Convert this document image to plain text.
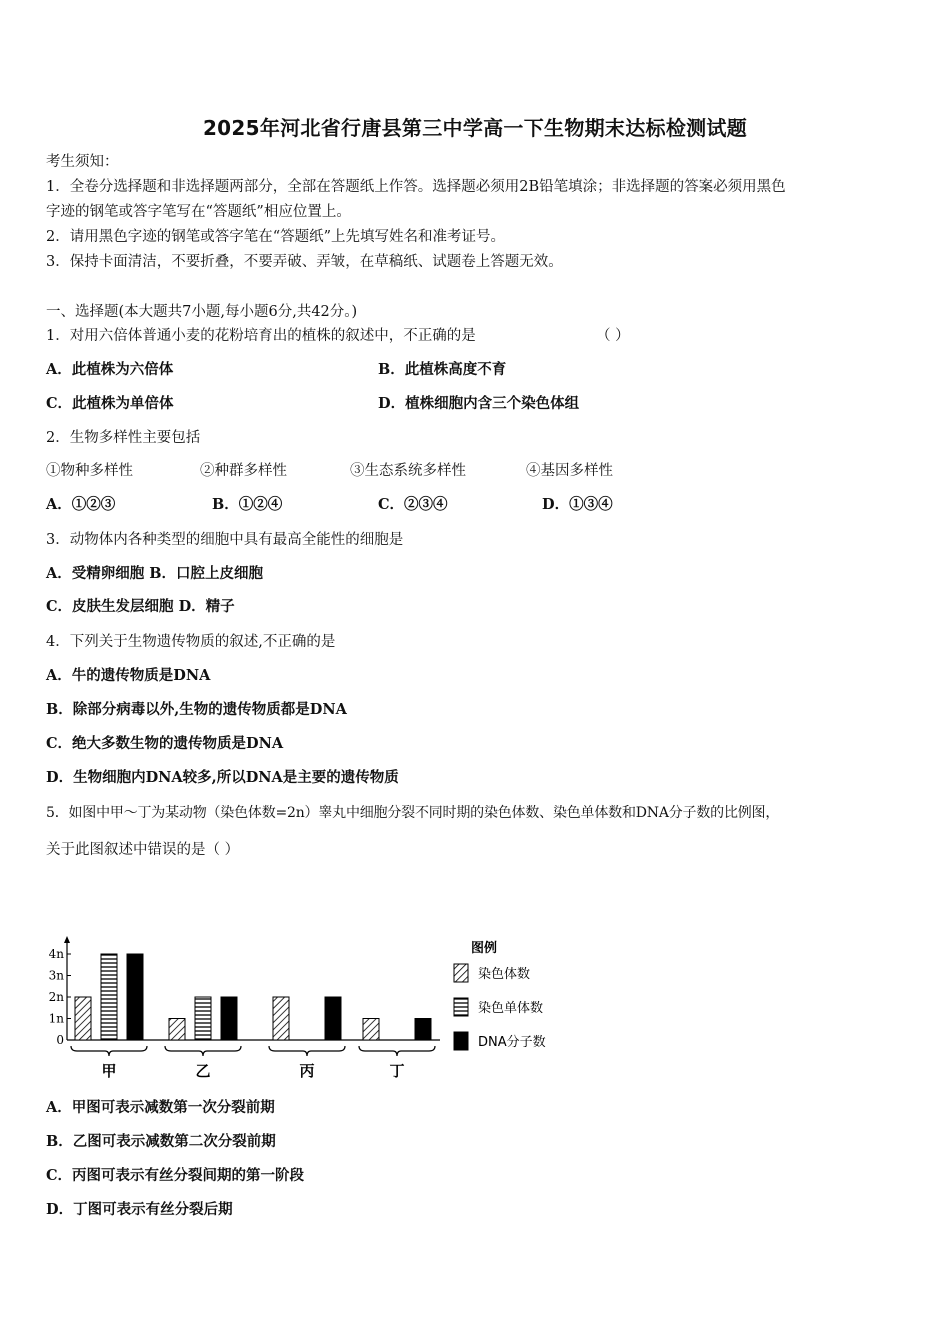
2025年河北省行唐县第三中学高一下生物期末达标检测试题
考生须知：
1．全卷分选择题和非选择题两部分，全部在答题纸上作答。选择题必须用2B铅笔填涂；非选择题的答案必须用黑色
字迹的钢笔或答字笔写在“答题纸”相应位置上。
2．请用黑色字迹的钢笔或答字笔在“答题纸”上先填写姓名和准考证号。
3．保持卡面清洁，不要折叠，不要弄破、弄皱，在草稿纸、试题卷上答题无效。
一、选择题(本大题共7小题,每小题6分,共42分。)
1．对用六倍体普通小麦的花粉培育出的植株的叙述中，不正确的是	（ ）
A．此植株为六倍体	B．此植株高度不育
C．此植株为单倍体	D．植株细胞内含三个染色体组
2．生物多样性主要包括
①物种多样性	②种群多样性	③生态系统多样性	④基因多样性
A．①②③	B．①②④	C．②③④	D．①③④
3．动物体内各种类型的细胞中具有最高全能性的细胞是
A．受精卵细胞 B．口腔上皮细胞
C．皮肤生发层细胞 D．精子
4．下列关于生物遗传物质的叙述,不正确的是
A．牛的遗传物质是DNA
B．除部分病毒以外,生物的遗传物质都是DNA
C．绝大多数生物的遗传物质是DNA
D．生物细胞内DNA较多,所以DNA是主要的遗传物质
5．如图中甲～丁为某动物（染色体数=2n）睾丸中细胞分裂不同时期的染色体数、染色单体数和DNA分子数的比例图，
关于此图叙述中错误的是（ ）
0
1n
2n
3n
4n
甲	乙	丙	丁
图例
染色体数
染色单体数
DNA分子数
A．甲图可表示减数第一次分裂前期
B．乙图可表示减数第二次分裂前期
C．丙图可表示有丝分裂间期的第一阶段
D．丁图可表示有丝分裂后期
